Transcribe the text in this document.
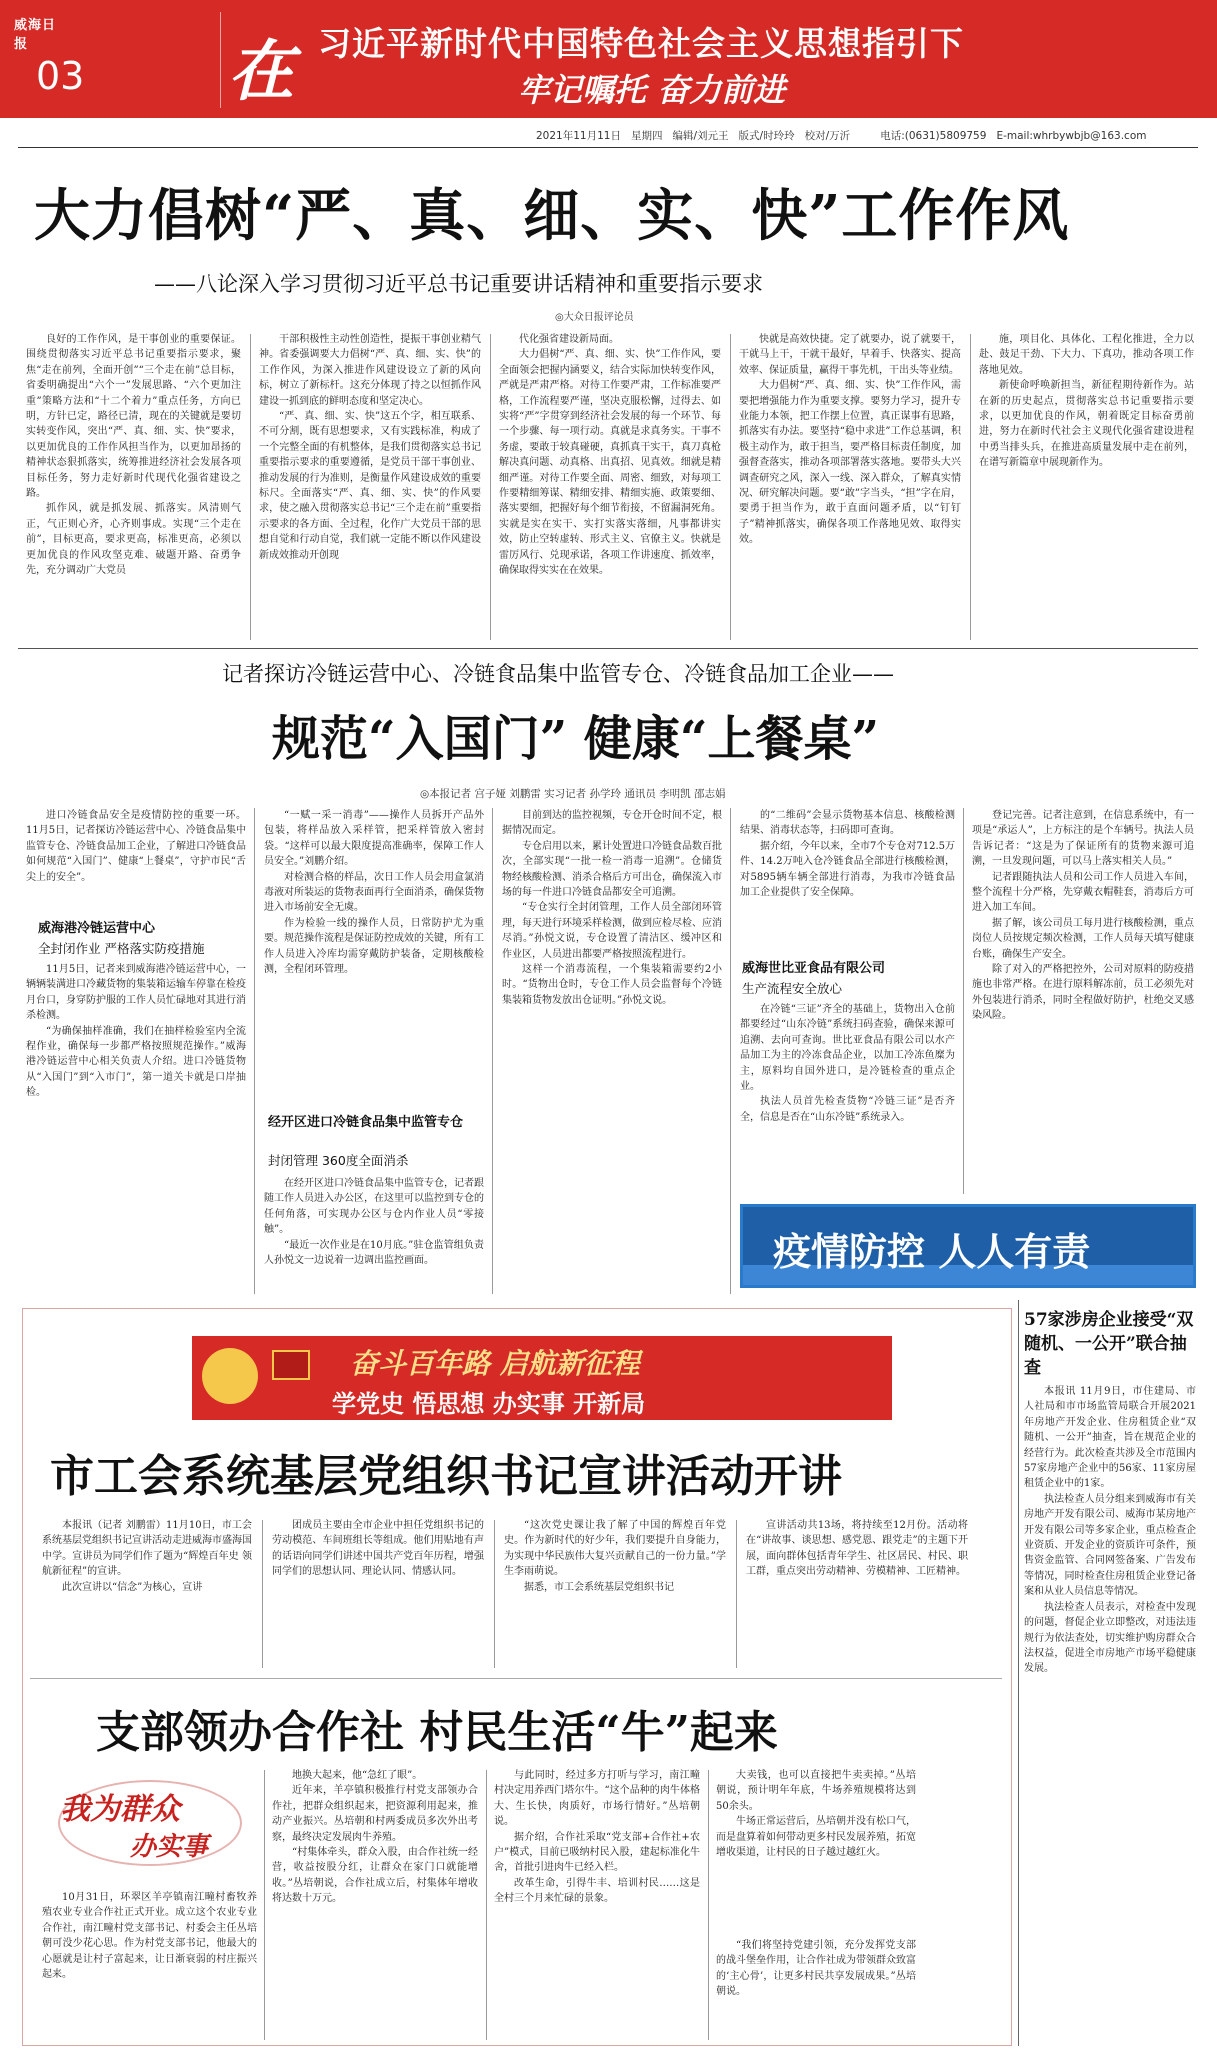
威海日报
03 在 习近平新时代中国特色社会主义思想指引下
牢记嘱托 奋力前进
2021年11月11日 星期四 编辑/刘元王 版式/时玲玲 校对/万沂	电话:(0631)5809759 E-mail:whrbywbjb@163.com
大力倡树“严、真、细、实、快”工作作风
——八论深入学习贯彻习近平总书记重要讲话精神和重要指示要求
◎大众日报评论员

良好的工作作风，是干事创业的重要保证。围绕贯彻落实习近平总书记重要指示要求，聚焦“走在前列，全面开创”“三个走在前”总目标，省委明确提出“六个一”发展思路、“六个更加注重”策略方法和“十二个着力”重点任务，方向已明，方针已定，路径已清，现在的关键就是要切实转变作风，突出“严、真、细、实、快”要求，以更加优良的工作作风担当作为，以更加昂扬的精神状态狠抓落实，统筹推进经济社会发展各项目标任务，努力走好新时代现代化强省建设之路。

抓作风，就是抓发展、抓落实。风清则气正，气正则心齐，心齐则事成。实现“三个走在前”，目标更高，要求更高，标准更高，必须以更加优良的作风攻坚克难、破题开路、奋勇争先，充分调动广大党员

干部积极性主动性创造性，提振干事创业精气神。省委强调要大力倡树“严、真、细、实、快”的工作作风，为深入推进作风建设设立了新的风向标，树立了新标杆。这充分体现了持之以恒抓作风建设一抓到底的鲜明态度和坚定决心。

“严、真、细、实、快”这五个字，相互联系、不可分割，既有思想要求，又有实践标准，构成了一个完整全面的有机整体，是我们贯彻落实总书记重要指示要求的重要遵循，是党员干部干事创业、推动发展的行为准则，是衡量作风建设成效的重要标尺。全面落实“严、真、细、实、快”的作风要求，使之融入贯彻落实总书记“三个走在前”重要指示要求的各方面、全过程，化作广大党员干部的思想自觉和行动自觉，我们就一定能不断以作风建设新成效推动开创现

代化强省建设新局面。

大力倡树“严、真、细、实、快”工作作风，要全面领会把握内涵要义，结合实际加快转变作风，严就是严肃严格。对待工作要严肃，工作标准要严格，工作流程要严谨，坚决克服松懈，过得去、如实将“严”字贯穿到经济社会发展的每一个环节、每一个步骤、每一项行动。真就是求真务实。干事不务虚，要敢于较真碰硬，真抓真干实干，真刀真枪解决真问题、动真格、出真招、见真效。细就是精细严谨。对待工作要全面、周密、细致，对每项工作要精细筹谋、精细安排、精细实施、政策要细、落实要细，把握好每个细节衔接，不留漏洞死角。实就是实在实干、实打实落实落细，凡事都讲实效，防止空转虚转、形式主义、官僚主义。快就是雷厉风行、兑现承诺，各项工作讲速度、抓效率，确保取得实实在在效果。

快就是高效快捷。定了就要办，说了就要干，干就马上干，干就干最好，早着手、快落实、提高效率、保证质量，赢得干事先机，干出头等业绩。

大力倡树“严、真、细、实、快”工作作风，需要把增强能力作为重要支撑。要努力学习，提升专业能力本领，把工作摆上位置，真正谋事有思路，抓落实有办法。要坚持“稳中求进”工作总基调，积极主动作为，敢于担当，要严格目标责任制度，加强督查落实，推动各项部署落实落地。要带头大兴调查研究之风，深入一线、深入群众，了解真实情况、研究解决问题。要“敢”字当头，“担”字在肩，要勇于担当作为，敢于直面问题矛盾，以“钉钉子”精神抓落实，确保各项工作落地见效、取得实效。

施，项目化、具体化、工程化推进，全力以赴、鼓足干劲、下大力、下真功，推动各项工作落地见效。

新使命呼唤新担当，新征程期待新作为。站在新的历史起点，贯彻落实总书记重要指示要求，以更加优良的作风，朝着既定目标奋勇前进，努力在新时代社会主义现代化强省建设进程中勇当排头兵，在推进高质量发展中走在前列，在谱写新篇章中展现新作为。

记者探访冷链运营中心、冷链食品集中监管专仓、冷链食品加工企业——
规范“入国门” 健康“上餐桌”
◎本报记者 宫子娅 刘鹏雷 实习记者 孙学玲 通讯员 李明凯 邵志娟

进口冷链食品安全是疫情防控的重要一环。11月5日，记者探访冷链运营中心、冷链食品集中监管专仓、冷链食品加工企业，了解进口冷链食品如何规范“入国门”、健康“上餐桌”，守护市民“舌尖上的安全”。

威海港冷链运营中心
全封闭作业 严格落实防疫措施

11月5日，记者来到威海港冷链运营中心，一辆辆装满进口冷藏货物的集装箱运输车停靠在检疫月台口，身穿防护服的工作人员忙碌地对其进行消杀检测。

“为确保抽样准确，我们在抽样检验室内全流程作业，确保每一步都严格按照规范操作。”威海港冷链运营中心相关负责人介绍。进口冷链货物从“入国门”到“入市门”，第一道关卡就是口岸抽检。

“一赋一采一消毒”——操作人员拆开产品外包装，将样品放入采样管，把采样管放入密封袋。“这样可以最大限度提高准确率，保障工作人员安全。”刘鹏介绍。

对检测合格的样品，次日工作人员会用盒氯消毒液对所装运的货物表面再行全面消杀，确保货物进入市场前安全无虞。

作为检验一线的操作人员，日常防护尤为重要。规范操作流程是保证防控成效的关键，所有工作人员进入冷库均需穿戴防护装备，定期核酸检测，全程闭环管理。

经开区进口冷链食品集中监管专仓
封闭管理 360度全面消杀

在经开区进口冷链食品集中监管专仓，记者跟随工作人员进入办公区，在这里可以监控到专仓的任何角落，可实现办公区与仓内作业人员“零接触”。

“最近一次作业是在10月底。”驻仓监管组负责人孙悦文一边说着一边调出监控画面。

目前到达的监控视频，专仓开仓时间不定，根据情况而定。

专仓启用以来，累计处置进口冷链食品数百批次，全部实现“一批一检一消毒一追溯”。仓储货物经核酸检测、消杀合格后方可出仓，确保流入市场的每一件进口冷链食品都安全可追溯。

“专仓实行全封闭管理，工作人员全部闭环管理，每天进行环境采样检测，做到应检尽检、应消尽消。”孙悦文说，专仓设置了清洁区、缓冲区和作业区，人员进出都要严格按照流程进行。

这样一个消毒流程，一个集装箱需要约2小时。“货物出仓时，专仓工作人员会监督每个冷链集装箱货物发放出仓证明。”孙悦文说。

的“二维码”会显示货物基本信息、核酸检测结果、消毒状态等，扫码即可查询。

据介绍，今年以来，全市7个专仓对712.5万件、14.2万吨入仓冷链食品全部进行核酸检测，对5895辆车辆全部进行消毒，为我市冷链食品加工企业提供了安全保障。

威海世比亚食品有限公司
生产流程安全放心

在冷链“三证”齐全的基础上，货物出入仓前都要经过“山东冷链”系统扫码查验，确保来源可追溯、去向可查询。世比亚食品有限公司以水产品加工为主的冷冻食品企业，以加工冷冻鱼糜为主，原料均自国外进口，是冷链检查的重点企业。

执法人员首先检查货物“冷链三证”是否齐全，信息是否在“山东冷链”系统录入。

登记完善。记者注意到，在信息系统中，有一项是“承运人”，上方标注的是个车辆号。执法人员告诉记者：“这是为了保证所有的货物来源可追溯，一旦发现问题，可以马上落实相关人员。”

记者跟随执法人员和公司工作人员进入车间，整个流程十分严格，先穿戴衣帽鞋套，消毒后方可进入加工车间。

据了解，该公司员工每月进行核酸检测，重点岗位人员按规定频次检测，工作人员每天填写健康台账，确保生产安全。

除了对入的严格把控外，公司对原料的防疫措施也非常严格。在进行原料解冻前，员工必须先对外包装进行消杀，同时全程做好防护，杜绝交叉感染风险。

疫情防控 人人有责
奋斗百年路 启航新征程
学党史 悟思想 办实事 开新局
市工会系统基层党组织书记宣讲活动开讲

本报讯（记者 刘鹏雷）11月10日，市工会系统基层党组织书记宣讲活动走进威海市盛海国中学。宣讲员为同学们作了题为“辉煌百年史 领航新征程”的宣讲。

此次宣讲以“信念”为核心，宣讲

团成员主要由全市企业中担任党组织书记的劳动模范、车间班组长等组成。他们用贴地有声的话语向同学们讲述中国共产党百年历程，增强同学们的思想认同、理论认同、情感认同。

“这次党史课让我了解了中国的辉煌百年党史。作为新时代的好少年，我们要提升自身能力，为实现中华民族伟大复兴贡献自己的一份力量。”学生李雨萌说。

据悉，市工会系统基层党组织书记

宣讲活动共13场，将持续至12月份。活动将在“讲故事、谈思想、感党恩、跟党走”的主题下开展，面向群体包括青年学生、社区居民、村民、职工群，重点突出劳动精神、劳模精神、工匠精神。

支部领办合作社 村民生活“牛”起来
我为群众
办实事

10月31日，环翠区羊亭镇南江疃村畜牧养殖农业专业合作社正式开业。成立这个农业专业合作社，南江疃村党支部书记、村委会主任丛培朝可没少花心思。作为村党支部书记，他最大的心愿就是让村子富起来，让日渐衰弱的村庄振兴起来。

地换大起来，他“急红了眼”。

近年来，羊亭镇积极推行村党支部领办合作社，把群众组织起来，把资源利用起来，推动产业振兴。丛培朝和村两委成员多次外出考察，最终决定发展肉牛养殖。

“村集体牵头，群众入股，由合作社统一经营，收益按股分红，让群众在家门口就能增收。”丛培朝说，合作社成立后，村集体年增收将达数十万元。

与此同时，经过多方打听与学习，南江疃村决定用养西门塔尔牛。“这个品种的肉牛体格大、生长快，肉质好，市场行情好。”丛培朝说。

据介绍，合作社采取“党支部+合作社+农户”模式，目前已吸纳村民入股，建起标准化牛舍，首批引进肉牛已经入栏。

改革生命，引得牛丰、培训村民……这是全村三个月来忙碌的景象。

大卖钱，也可以直接把牛卖卖掉。”丛培朝说，预计明年年底，牛场养殖规模将达到50余头。

牛场正常运营后，丛培朝并没有松口气，而是盘算着如何带动更多村民发展养殖，拓宽增收渠道，让村民的日子越过越红火。

“我们将坚持党建引领，充分发挥党支部的战斗堡垒作用，让合作社成为带领群众致富的‘主心骨’，让更多村民共享发展成果。”丛培朝说。

57家涉房企业接受“双随机、一公开”联合抽查

本报讯 11月9日，市住建局、市人社局和市市场监管局联合开展2021年房地产开发企业、住房租赁企业“双随机、一公开”抽查，旨在规范企业的经营行为。此次检查共涉及全市范围内57家房地产企业中的56家、11家房屋租赁企业中的1家。

执法检查人员分组来到威海市有关房地产开发有限公司、威海市某房地产开发有限公司等多家企业，重点检查企业资质、开发企业的资质许可条件，预售资金监管、合同网签备案、广告发布等情况，同时检查住房租赁企业登记备案和从业人员信息等情况。

执法检查人员表示，对检查中发现的问题，督促企业立即整改，对违法违规行为依法查处，切实维护购房群众合法权益，促进全市房地产市场平稳健康发展。
